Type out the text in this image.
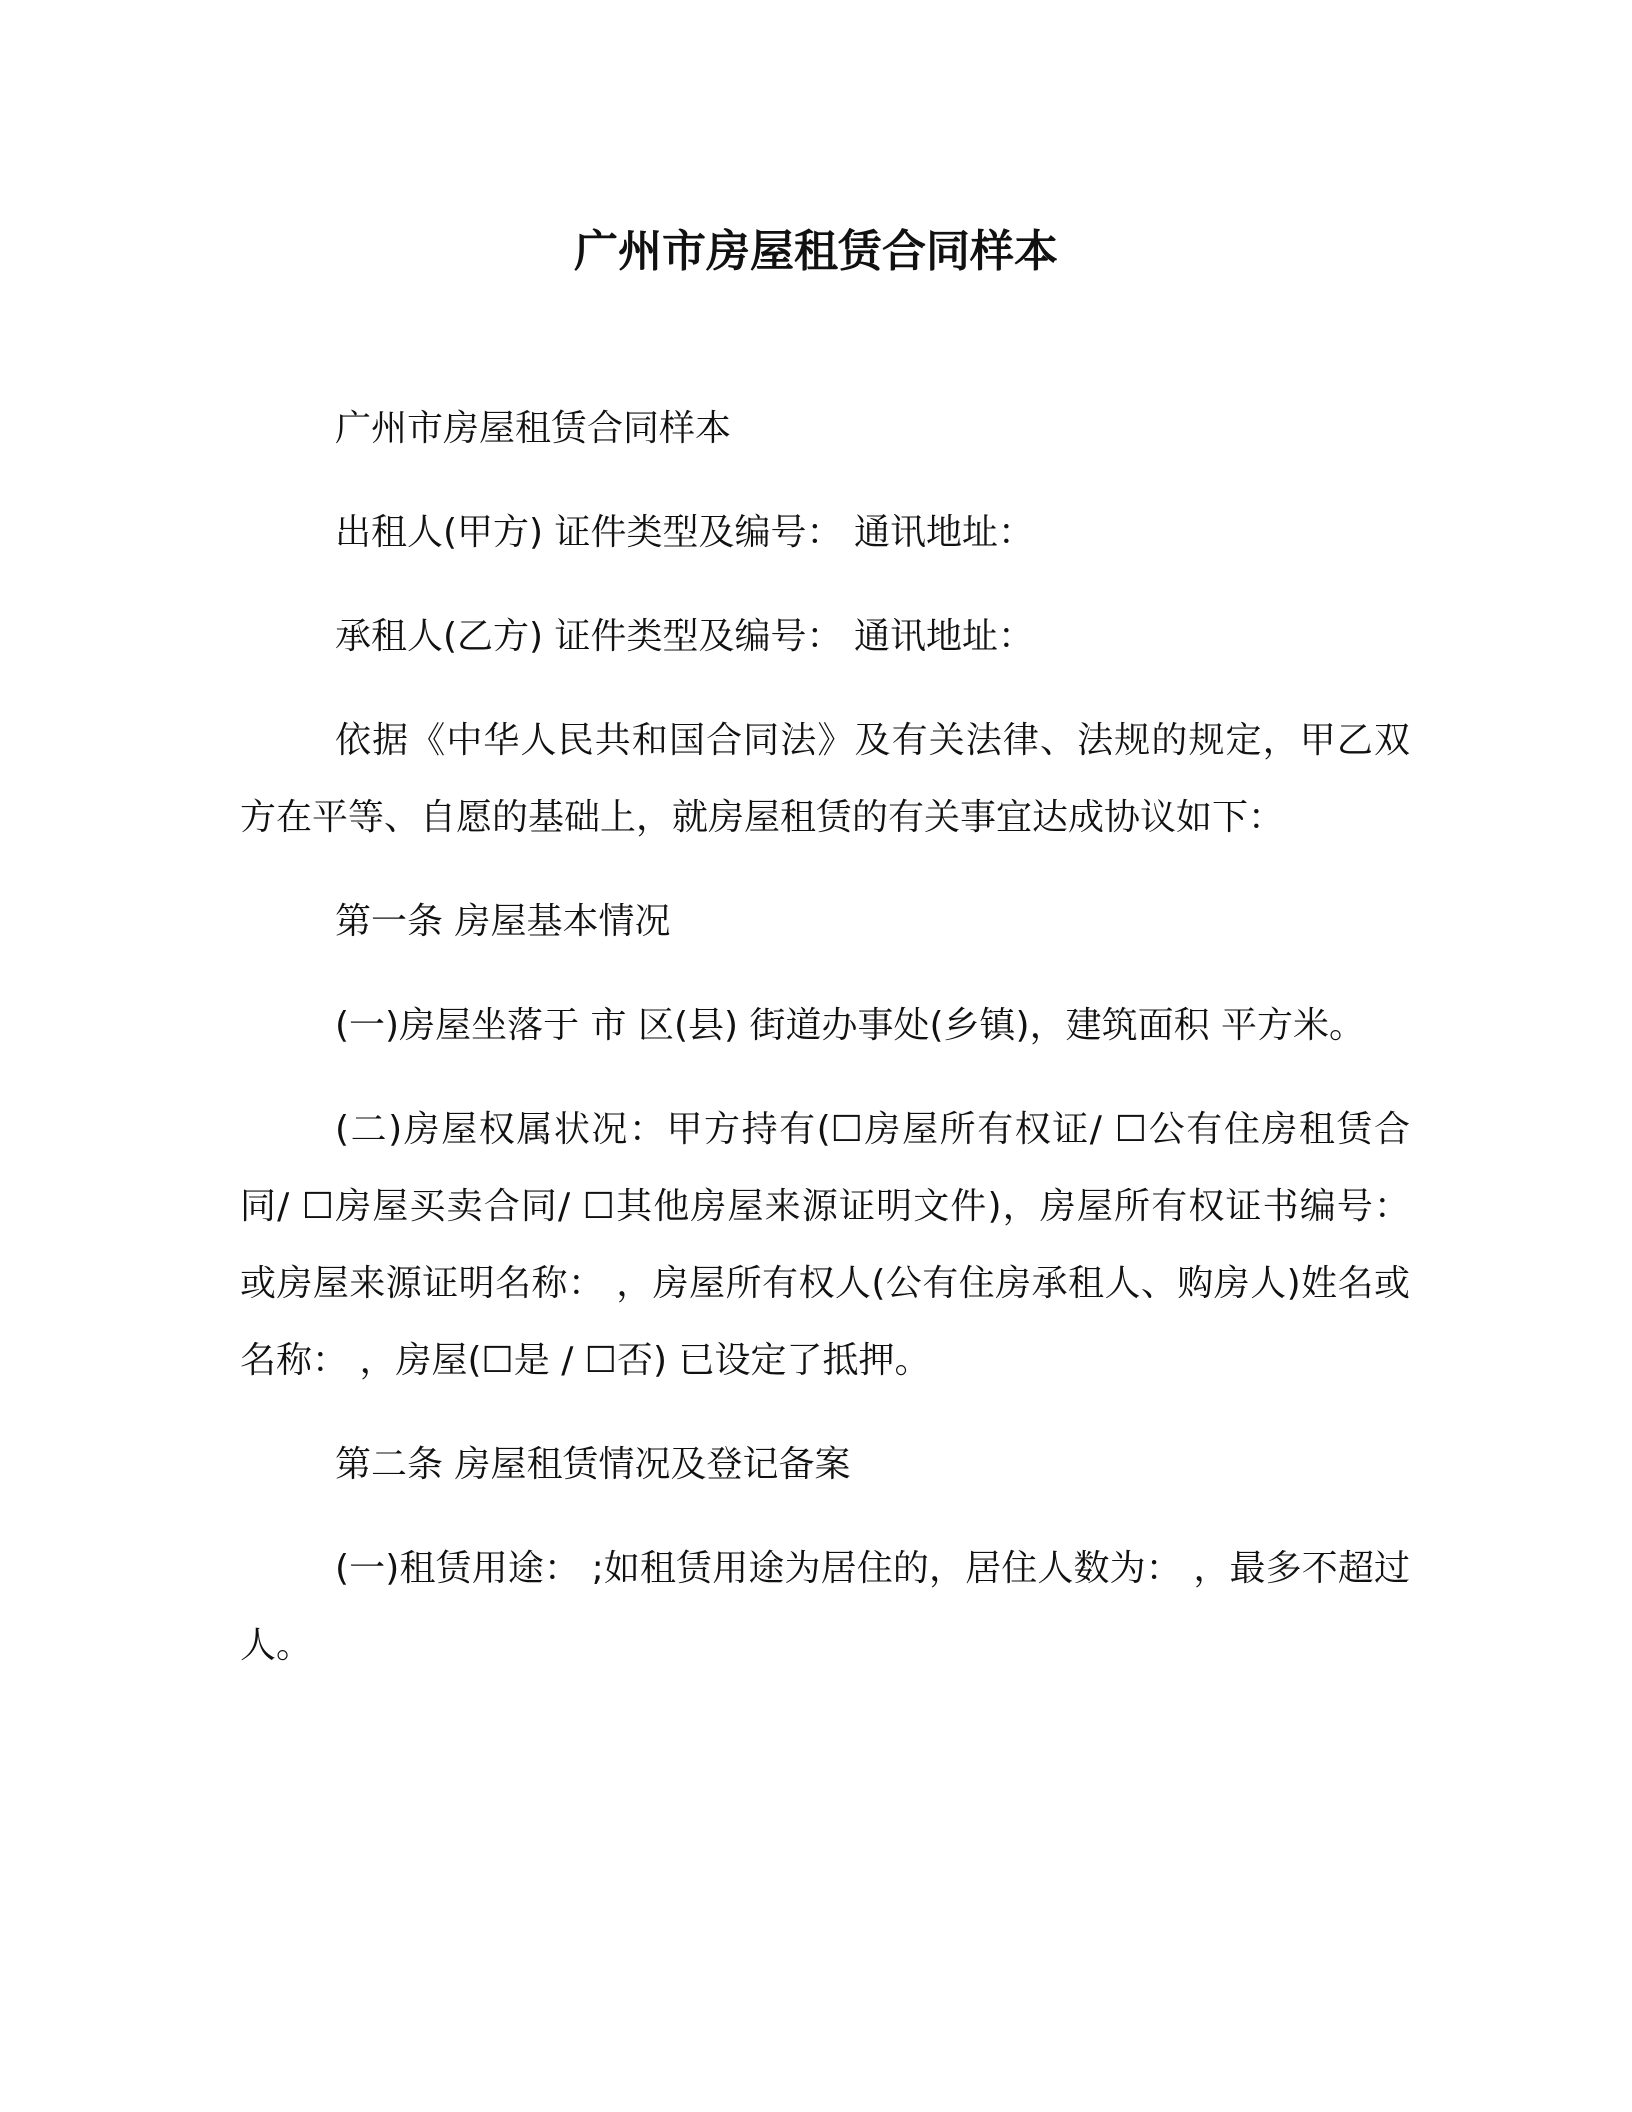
广州市房屋租赁合同样本

广州市房屋租赁合同样本

出租人(甲方) 证件类型及编号： 通讯地址：

承租人(乙方) 证件类型及编号： 通讯地址：

依据《中华人民共和国合同法》及有关法律、法规的规定，甲乙双方在平等、自愿的基础上，就房屋租赁的有关事宜达成协议如下：

第一条 房屋基本情况

(一)房屋坐落于 市 区(县) 街道办事处(乡镇)，建筑面积 平方米。

(二)房屋权属状况：甲方持有(☐房屋所有权证/ ☐公有住房租赁合同/ ☐房屋买卖合同/ ☐其他房屋来源证明文件)，房屋所有权证书编号： 或房屋来源证明名称： ，房屋所有权人(公有住房承租人、购房人)姓名或名称： ，房屋(☐是 / ☐否) 已设定了抵押。

第二条 房屋租赁情况及登记备案

(一)租赁用途： ;如租赁用途为居住的，居住人数为： ，最多不超过 人。
